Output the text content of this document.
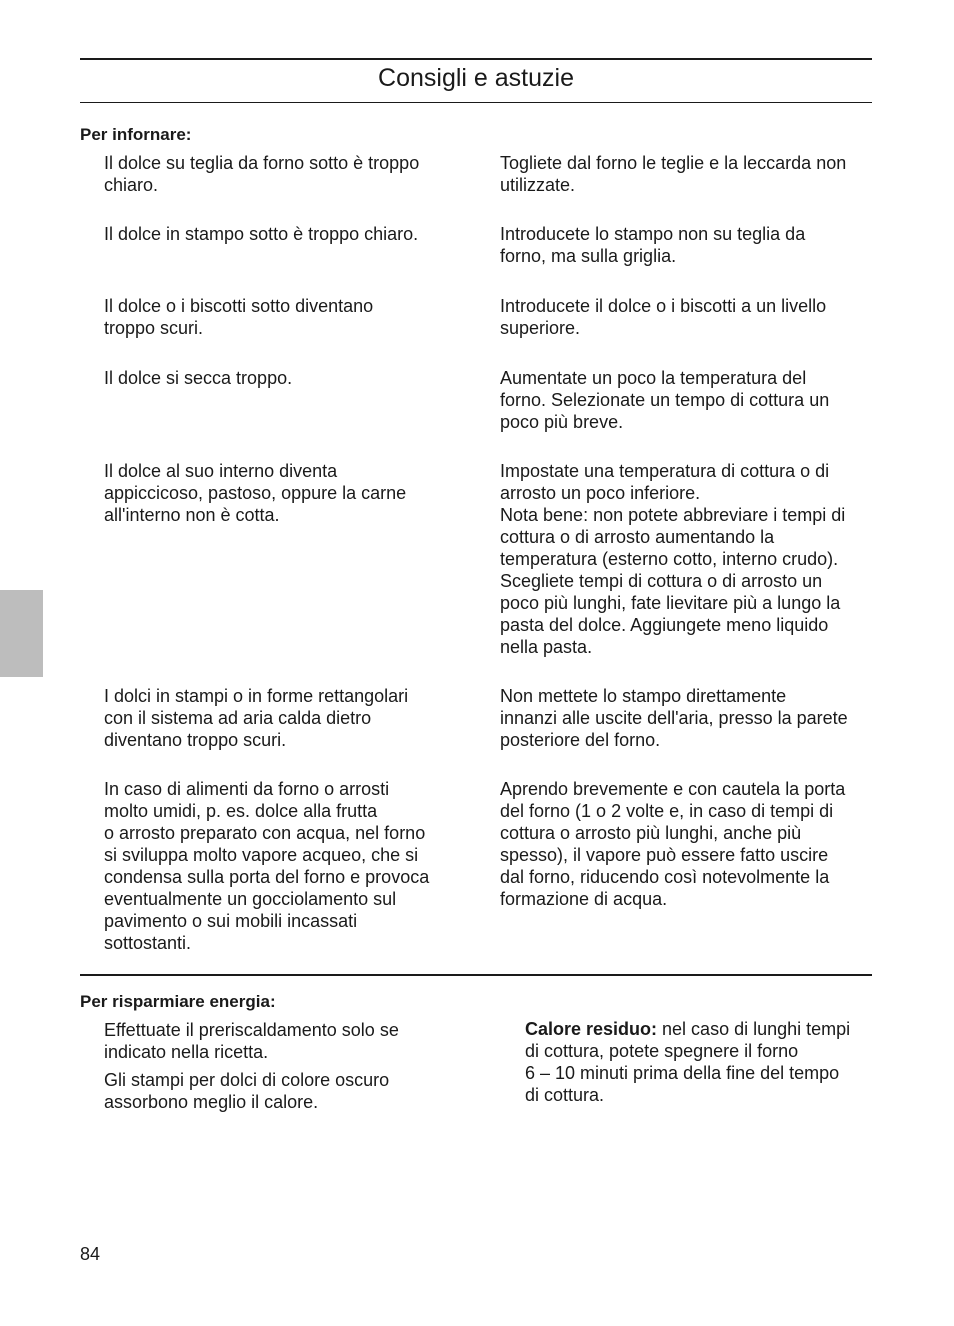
Consigli e astuzie
Per infornare:
Il dolce su teglia da forno sotto è troppo
chiaro.
Togliete dal forno le teglie e la leccarda non
utilizzate.
Il dolce in stampo sotto è troppo chiaro.	Introducete lo stampo non su teglia da
forno, ma sulla griglia.
Il dolce o i biscotti sotto diventano
troppo scuri.
Introducete il dolce o i biscotti a un livello
superiore.
Il dolce si secca troppo.	Aumentate un poco la temperatura del
forno. Selezionate un tempo di cottura un
poco più breve.
Il dolce al suo interno diventa
appiccicoso, pastoso, oppure la carne
all'interno non è cotta.
Impostate una temperatura di cottura o di
arrosto un poco inferiore.
Nota bene: non potete abbreviare i tempi di
cottura o di arrosto aumentando la
temperatura (esterno cotto, interno crudo).
Scegliete tempi di cottura o di arrosto un
poco più lunghi, fate lievitare più a lungo la
pasta del dolce. Aggiungete meno liquido
nella pasta.
I dolci in stampi o in forme rettangolari
con il sistema ad aria calda dietro
diventano troppo scuri.
Non mettete lo stampo direttamente
innanzi alle uscite dell'aria, presso la parete
posteriore del forno.
In caso di alimenti da forno o arrosti
molto umidi, p. es. dolce alla frutta
o arrosto preparato con acqua, nel forno
si sviluppa molto vapore acqueo, che si
condensa sulla porta del forno e provoca
eventualmente un gocciolamento sul
pavimento o sui mobili incassati
sottostanti.
Aprendo brevemente e con cautela la porta
del forno (1 o 2 volte e, in caso di tempi di
cottura o arrosto più lunghi, anche più
spesso), il vapore può essere fatto uscire
dal forno, riducendo così notevolmente la
formazione di acqua.
Per risparmiare energia:
Effettuate il preriscaldamento solo se
indicato nella ricetta.
Gli stampi per dolci di colore oscuro
assorbono meglio il calore.
Calore residuo: nel caso di lunghi tempi
di cottura, potete spegnere il forno
6 – 10 minuti prima della fine del tempo
di cottura.
84
